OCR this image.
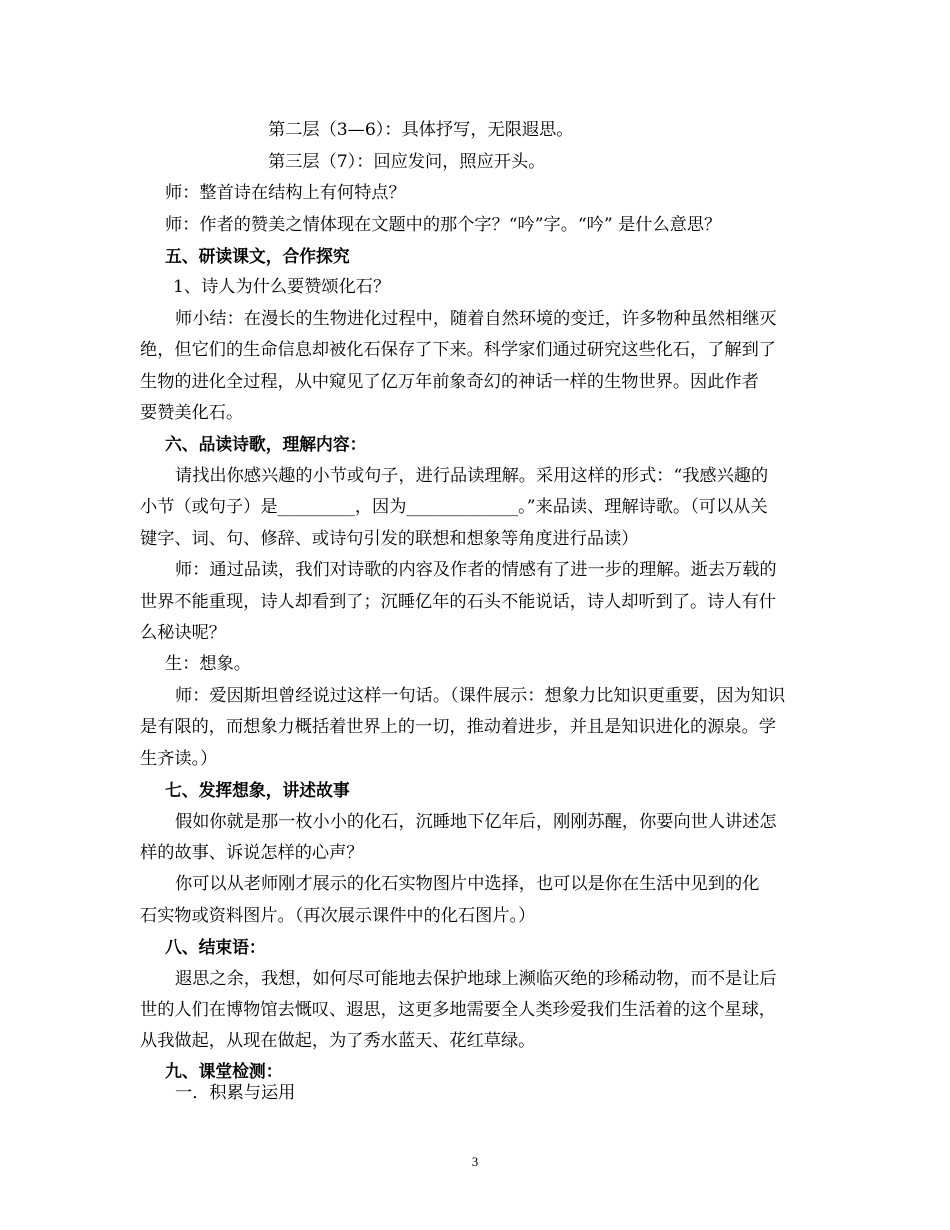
第二层（3—6）：具体抒写，无限遐思。

第三层（7）：回应发问，照应开头。

师：整首诗在结构上有何特点？

师：作者的赞美之情体现在文题中的那个字？“吟”字。“吟” 是什么意思？

五、研读课文，合作探究

1、诗人为什么要赞颂化石？

师小结：在漫长的生物进化过程中，随着自然环境的变迁，许多物种虽然相继灭

绝，但它们的生命信息却被化石保存了下来。科学家们通过研究这些化石，了解到了

生物的进化全过程，从中窥见了亿万年前象奇幻的神话一样的生物世界。因此作者

要赞美化石。

六、品读诗歌，理解内容：

请找出你感兴趣的小节或句子，进行品读理解。采用这样的形式：“我感兴趣的

小节（或句子）是_________，因为_____________。”来品读、理解诗歌。（可以从关

键字、词、句、修辞、或诗句引发的联想和想象等角度进行品读）

师：通过品读，我们对诗歌的内容及作者的情感有了进一步的理解。逝去万载的

世界不能重现，诗人却看到了；沉睡亿年的石头不能说话，诗人却听到了。诗人有什

么秘诀呢？

生：想象。

师：爱因斯坦曾经说过这样一句话。（课件展示：想象力比知识更重要，因为知识

是有限的，而想象力概括着世界上的一切，推动着进步，并且是知识进化的源泉。学

生齐读。）

七、发挥想象，讲述故事

假如你就是那一枚小小的化石，沉睡地下亿年后，刚刚苏醒，你要向世人讲述怎

样的故事、诉说怎样的心声？

你可以从老师刚才展示的化石实物图片中选择，也可以是你在生活中见到的化

石实物或资料图片。（再次展示课件中的化石图片。）

八、结束语：

遐思之余，我想，如何尽可能地去保护地球上濒临灭绝的珍稀动物，而不是让后

世的人们在博物馆去慨叹、遐思，这更多地需要全人类珍爱我们生活着的这个星球，

从我做起，从现在做起，为了秀水蓝天、花红草绿。

九、课堂检测：

一．积累与运用

3
